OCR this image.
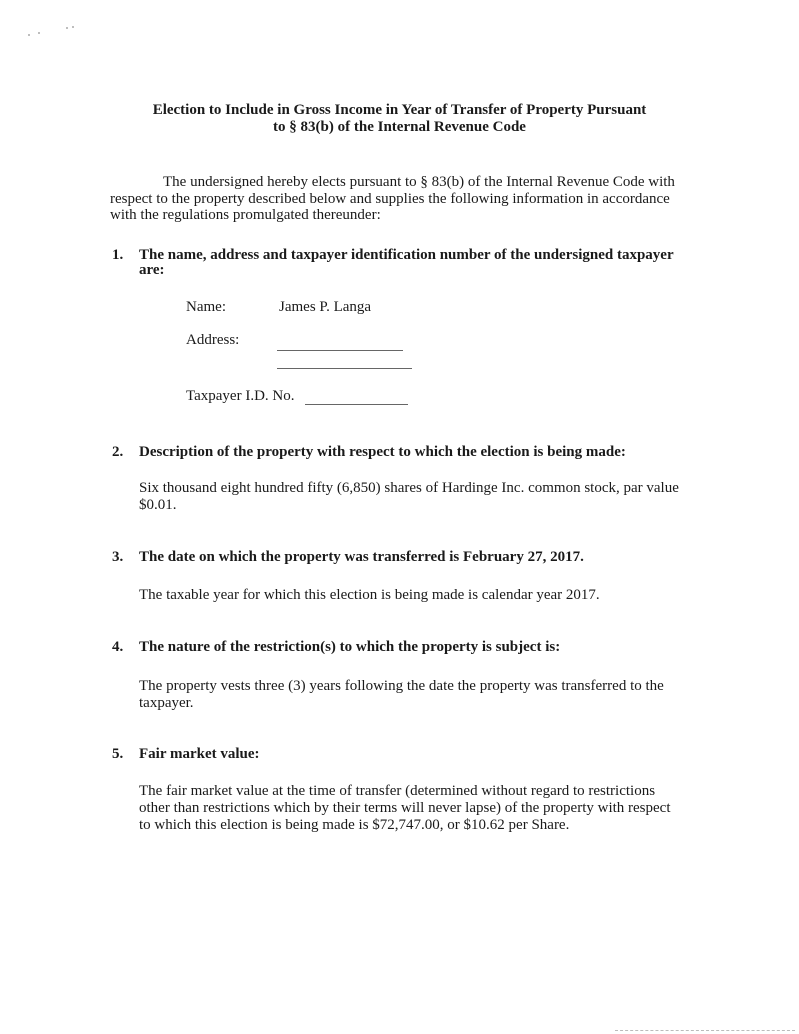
Election to Include in Gross Income in Year of Transfer of Property Pursuant
to § 83(b) of the Internal Revenue Code
The undersigned hereby elects pursuant to § 83(b) of the Internal Revenue Code with
respect to the property described below and supplies the following information in accordance
with the regulations promulgated thereunder:
1. The name, address and taxpayer identification number of the undersigned taxpayer
are:
Name:	James P. Langa
Address:
Taxpayer I.D. No.
2. Description of the property with respect to which the election is being made:
Six thousand eight hundred fifty (6,850) shares of Hardinge Inc. common stock, par value
$0.01.
3. The date on which the property was transferred is February 27, 2017.
The taxable year for which this election is being made is calendar year 2017.
4. The nature of the restriction(s) to which the property is subject is:
The property vests three (3) years following the date the property was transferred to the
taxpayer.
5. Fair market value:
The fair market value at the time of transfer (determined without regard to restrictions
other than restrictions which by their terms will never lapse) of the property with respect
to which this election is being made is $72,747.00, or $10.62 per Share.
